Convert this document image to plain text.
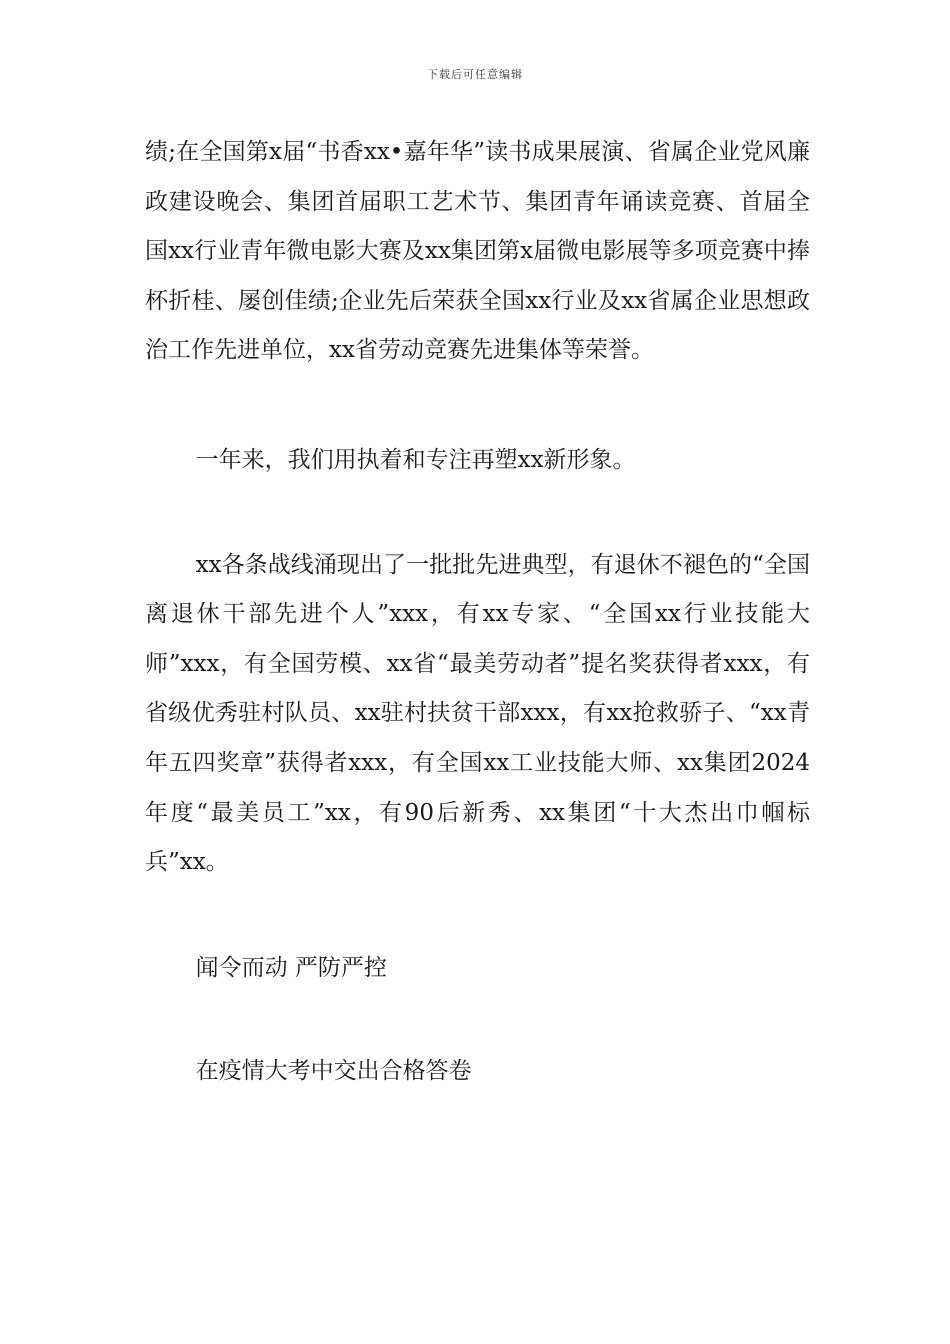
下载后可任意编辑

绩;在全国第x届“书香xx•嘉年华”读书成果展演、省属企业党风廉政建设晚会、集团首届职工艺术节、集团青年诵读竞赛、首届全国xx行业青年微电影大赛及xx集团第x届微电影展等多项竞赛中捧杯折桂、屡创佳绩;企业先后荣获全国xx行业及xx省属企业思想政治工作先进单位，xx省劳动竞赛先进集体等荣誉。

一年来，我们用执着和专注再塑xx新形象。

xx各条战线涌现出了一批批先进典型，有退休不褪色的“全国离退休干部先进个人”xxx，有xx专家、“全国xx行业技能大师”xxx，有全国劳模、xx省“最美劳动者”提名奖获得者xxx，有省级优秀驻村队员、xx驻村扶贫干部xxx，有xx抢救骄子、“xx青年五四奖章”获得者xxx，有全国xx工业技能大师、xx集团2024年度“最美员工”xx，有90后新秀、xx集团“十大杰出巾帼标兵”xx。

闻令而动 严防严控

在疫情大考中交出合格答卷
